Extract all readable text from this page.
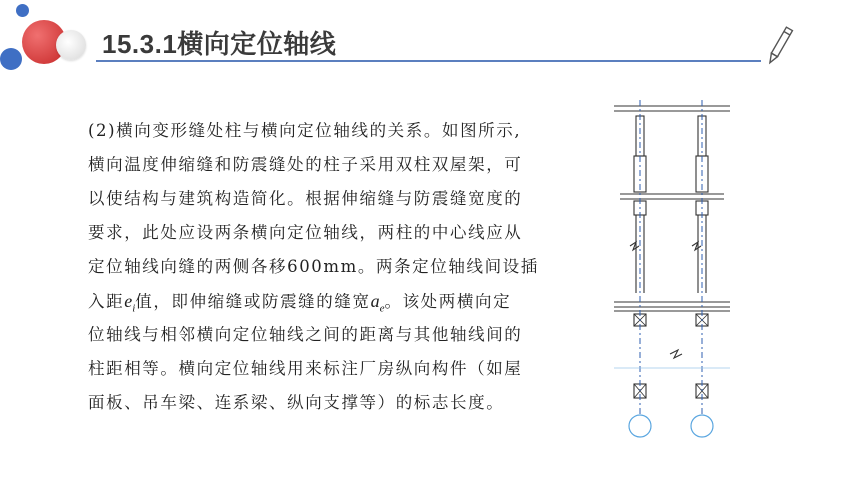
15.3.1横向定位轴线
(2)横向变形缝处柱与横向定位轴线的关系。如图所示,
横向温度伸缩缝和防震缝处的柱子采用双柱双屋架，可
以使结构与建筑构造简化。根据伸缩缝与防震缝宽度的
要求，此处应设两条横向定位轴线，两柱的中心线应从
定位轴线向缝的两侧各移600mm。两条定位轴线间设插
入距$e_i$值，即伸缩缝或防震缝的缝宽$a_e$。该处两横向定
位轴线与相邻横向定位轴线之间的距离与其他轴线间的
柱距相等。横向定位轴线用来标注厂房纵向构件（如屋
面板、吊车梁、连系梁、纵向支撑等）的标志长度。
